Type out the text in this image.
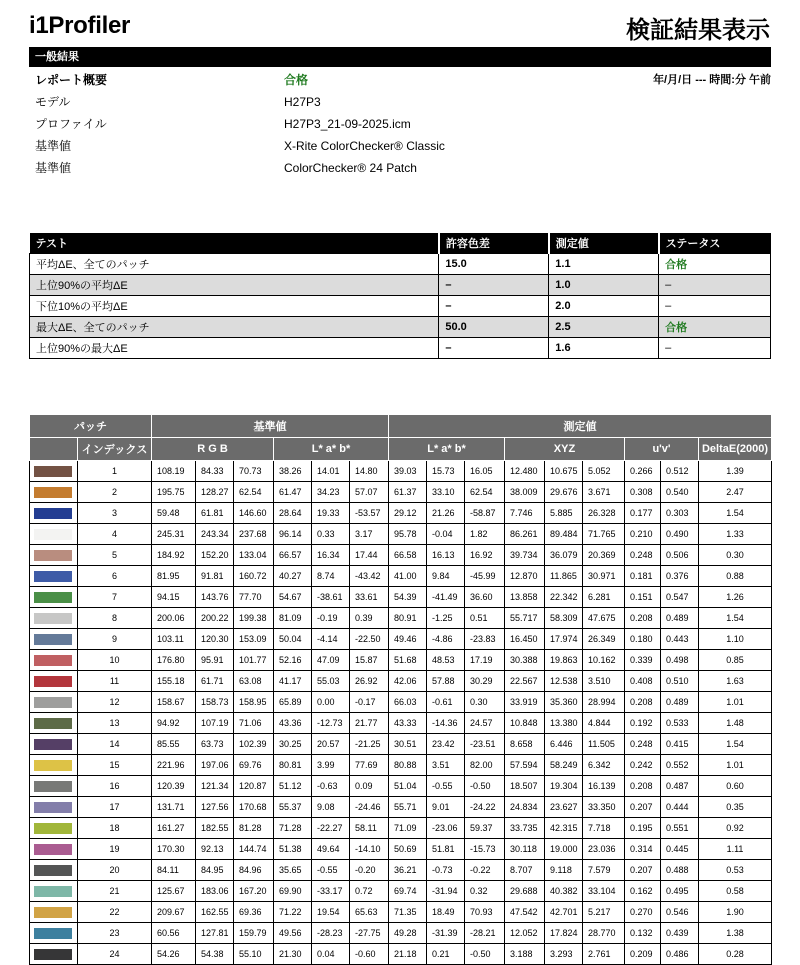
i1Profiler	検証結果表示
一般結果
レポート概要	合格	年/月/日 --- 時間:分 午前
モデル	H27P3
プロファイル	H27P3_21-09-2025.icm
基準値	X-Rite ColorChecker® Classic
基準値	ColorChecker® 24 Patch
テスト	許容色差	測定値	ステータス
平均ΔE、全てのパッチ	15.0	1.1	合格
上位90%の平均ΔE	–	1.0	–
下位10%の平均ΔE	–	2.0	–
最大ΔE、全てのパッチ	50.0	2.5	合格
上位90%の最大ΔE	–	1.6	–
パッチ		基準値						測定値								
	インデックス	R G B			L* a* b*			L* a* b*			XYZ			u'v'		DeltaE(2000)

	1	108.19	84.33	70.73	38.26	14.01	14.80	39.03	15.73	16.05	12.480	10.675	5.052	0.266	0.512	1.39

	2	195.75	128.27	62.54	61.47	34.23	57.07	61.37	33.10	62.54	38.009	29.676	3.671	0.308	0.540	2.47

	3	59.48	61.81	146.60	28.64	19.33	-53.57	29.12	21.26	-58.87	7.746	5.885	26.328	0.177	0.303	1.54

	4	245.31	243.34	237.68	96.14	0.33	3.17	95.78	-0.04	1.82	86.261	89.484	71.765	0.210	0.490	1.33

	5	184.92	152.20	133.04	66.57	16.34	17.44	66.58	16.13	16.92	39.734	36.079	20.369	0.248	0.506	0.30

	6	81.95	91.81	160.72	40.27	8.74	-43.42	41.00	9.84	-45.99	12.870	11.865	30.971	0.181	0.376	0.88

	7	94.15	143.76	77.70	54.67	-38.61	33.61	54.39	-41.49	36.60	13.858	22.342	6.281	0.151	0.547	1.26

	8	200.06	200.22	199.38	81.09	-0.19	0.39	80.91	-1.25	0.51	55.717	58.309	47.675	0.208	0.489	1.54

	9	103.11	120.30	153.09	50.04	-4.14	-22.50	49.46	-4.86	-23.83	16.450	17.974	26.349	0.180	0.443	1.10

	10	176.80	95.91	101.77	52.16	47.09	15.87	51.68	48.53	17.19	30.388	19.863	10.162	0.339	0.498	0.85

	11	155.18	61.71	63.08	41.17	55.03	26.92	42.06	57.88	30.29	22.567	12.538	3.510	0.408	0.510	1.63

	12	158.67	158.73	158.95	65.89	0.00	-0.17	66.03	-0.61	0.30	33.919	35.360	28.994	0.208	0.489	1.01

	13	94.92	107.19	71.06	43.36	-12.73	21.77	43.33	-14.36	24.57	10.848	13.380	4.844	0.192	0.533	1.48

	14	85.55	63.73	102.39	30.25	20.57	-21.25	30.51	23.42	-23.51	8.658	6.446	11.505	0.248	0.415	1.54

	15	221.96	197.06	69.76	80.81	3.99	77.69	80.88	3.51	82.00	57.594	58.249	6.342	0.242	0.552	1.01

	16	120.39	121.34	120.87	51.12	-0.63	0.09	51.04	-0.55	-0.50	18.507	19.304	16.139	0.208	0.487	0.60

	17	131.71	127.56	170.68	55.37	9.08	-24.46	55.71	9.01	-24.22	24.834	23.627	33.350	0.207	0.444	0.35

	18	161.27	182.55	81.28	71.28	-22.27	58.11	71.09	-23.06	59.37	33.735	42.315	7.718	0.195	0.551	0.92

	19	170.30	92.13	144.74	51.38	49.64	-14.10	50.69	51.81	-15.73	30.118	19.000	23.036	0.314	0.445	1.11

	20	84.11	84.95	84.96	35.65	-0.55	-0.20	36.21	-0.73	-0.22	8.707	9.118	7.579	0.207	0.488	0.53

	21	125.67	183.06	167.20	69.90	-33.17	0.72	69.74	-31.94	0.32	29.688	40.382	33.104	0.162	0.495	0.58

	22	209.67	162.55	69.36	71.22	19.54	65.63	71.35	18.49	70.93	47.542	42.701	5.217	0.270	0.546	1.90

	23	60.56	127.81	159.79	49.56	-28.23	-27.75	49.28	-31.39	-28.21	12.052	17.824	28.770	0.132	0.439	1.38

	24	54.26	54.38	55.10	21.30	0.04	-0.60	21.18	0.21	-0.50	3.188	3.293	2.761	0.209	0.486	0.28
